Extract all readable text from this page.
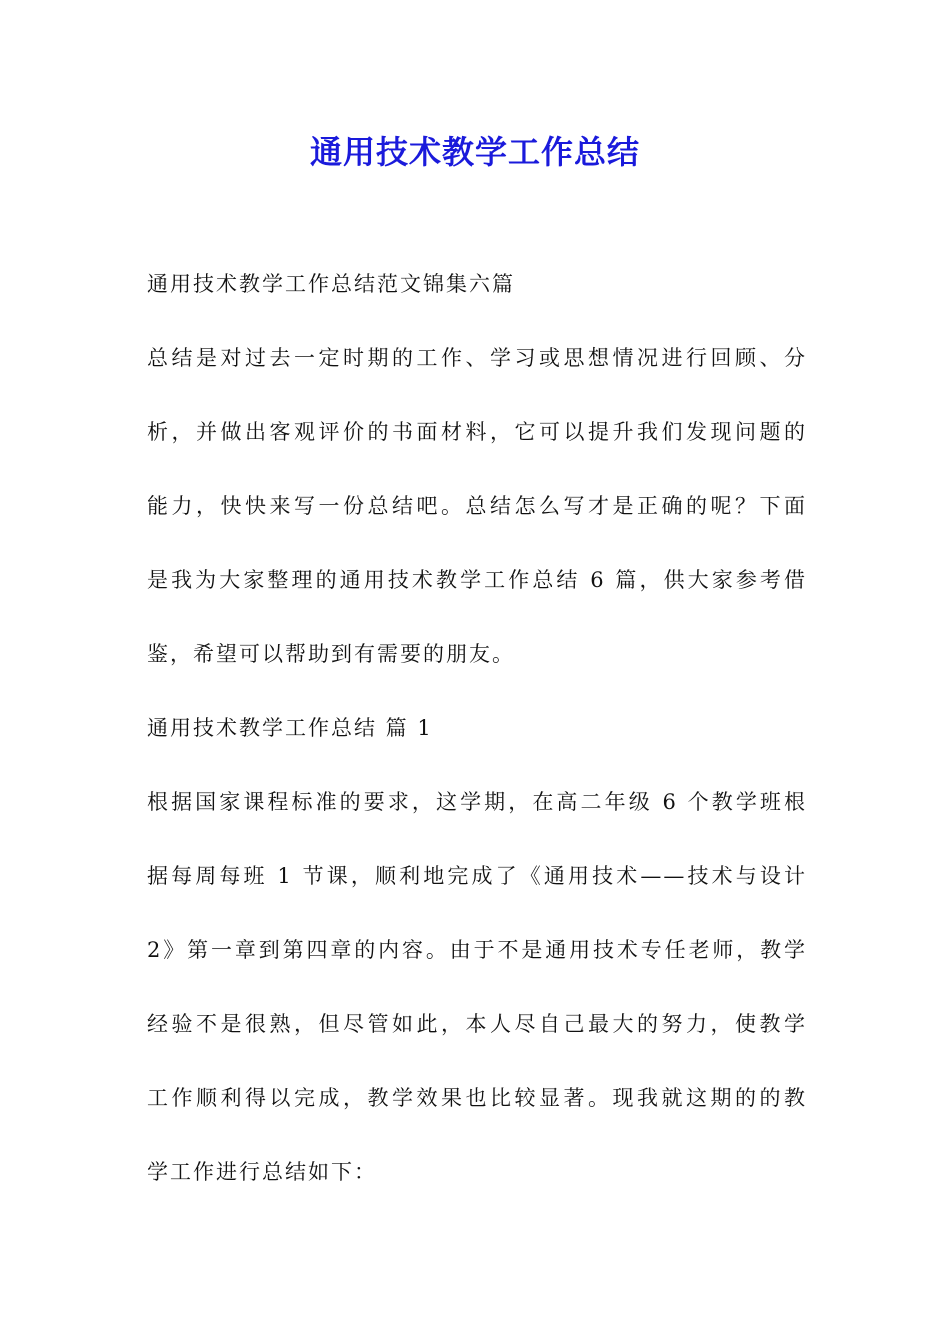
通用技术教学工作总结
通用技术教学工作总结范文锦集六篇
总结是对过去一定时期的工作、学习或思想情况进行回顾、分
析，并做出客观评价的书面材料，它可以提升我们发现问题的
能力，快快来写一份总结吧。总结怎么写才是正确的呢？下面
是我为大家整理的通用技术教学工作总结 6 篇，供大家参考借
鉴，希望可以帮助到有需要的朋友。
通用技术教学工作总结 篇 1
根据国家课程标准的要求，这学期，在高二年级 6 个教学班根
据每周每班 1 节课，顺利地完成了《通用技术——技术与设计
2》第一章到第四章的内容。由于不是通用技术专任老师，教学
经验不是很熟，但尽管如此，本人尽自己最大的努力，使教学
工作顺利得以完成，教学效果也比较显著。现我就这期的的教
学工作进行总结如下：
